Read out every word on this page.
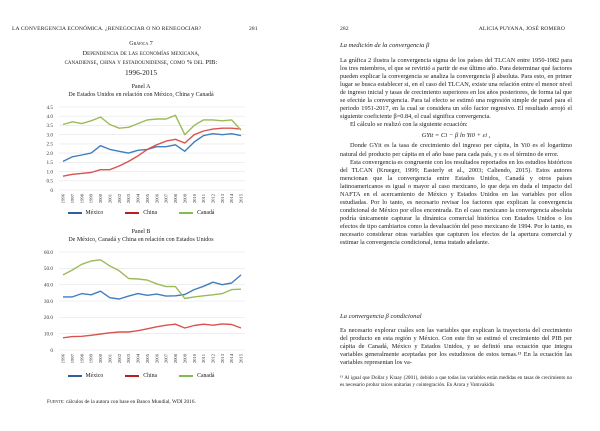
LA CONVERGENCIA ECONÓMICA. ¿RENEGOCIAR O NO RENEGOCIAR?	281
Gráfica 7
Dependencia de las economías mexicana,
canadiense, china y estadounidense, como % del PIB:
1996-2015
Panel A
De Estados Unidos en relación con México, China y Canadá
0
0.5
1.0
1.5
2.0
2.5
3.0
3.5
4.0
4.5
1996 1997 1998 1999 2000 2001 2002 2003 2004 2005 2006 2007 2008 2009 2010 2011 2012 2013 2014 2015
México	China	Canadá
Panel B
De México, Canadá y China en relación con Estados Unidos
0
10.0
20.0
30.0
40.0
50.0
60.0
1996 1997 1998 1999 2000 2001 2002 2003 2004 2005 2006 2007 2008 2009 2010 2011 2012 2013 2014 2015
México	China	Canadá
Fuente: cálculos de la autora con base en Banco Mundial, WDI 2016.
282	ALICIA PUYANA, JOSÉ ROMERO
La medición de la convergencia β

La gráfica 2 ilustra la convergencia sigma de los países del TLCAN entre 1950-1982 para los tres miembros, el que se revirtió a partir de ese último año. Para determinar qué factores pueden explicar la convergencia se analiza la convergencia β absoluta. Para esto, en primer lugar se busca establecer si, en el caso del TLCAN, existe una relación entre el menor nivel de ingreso inicial y tasas de crecimiento superiores en los años posteriores, de forma tal que se efectúe la convergencia. Para tal efecto se estimó una regresión simple de panel para el periodo 1951-2017, en la cual se considera un sólo factor regresivo. El resultado arrojó el siguiente coeficiente β=0.84, el cual significa convergencia.

El cálculo se realizó con la siguiente ecuación:

GYit = Ci − β ln Yi0 + εi ,

Donde GYit es la tasa de crecimiento del ingreso per cápita, ln Yi0 es el logaritmo natural del producto per cápita en el año base para cada país, y ε es el término de error.

Esta convergencia es congruente con los resultados reportados en los estudios históricos del TLCAN (Krueger, 1999; Easterly et al., 2003; Caliendo, 2015). Estos autores mencionan que la convergencia entre Estados Unidos, Canadá y otros países latinoamericanos es igual o mayor al caso mexicano, lo que deja en duda el impacto del NAFTA en el acercamiento de México y Estados Unidos en las variables por ellos estudiadas. Por lo tanto, es necesario revisar los factores que explican la convergencia condicional de México por ellos encontrada. En el caso mexicano la convergencia absoluta podría únicamente capturar la dinámica comercial histórica con Estados Unidos o los efectos de tipo cambiarios como la devaluación del peso mexicano de 1994. Por lo tanto, es necesario considerar otras variables que capturen los efectos de la apertura comercial y estimar la convergencia condicional, tema tratado adelante.

La convergencia β condicional

Es necesario explorar cuáles son las variables que explican la trayectoria del crecimiento del producto en esta región y México. Con este fin se estimó el crecimiento del PIB per cápita de Canadá, México y Estados Unidos, y se definió una ecuación que integra variables generalmente aceptadas por los estudiosos de estos temas.¹³ En la ecuación las variables representan los va-

¹³ Al igual que Dollar y Kraay (2001), debido a que todas las variables están medidas en tasas de crecimiento no es necesario probar raíces unitarias y cointegración. En Arora y Vamvakidis
